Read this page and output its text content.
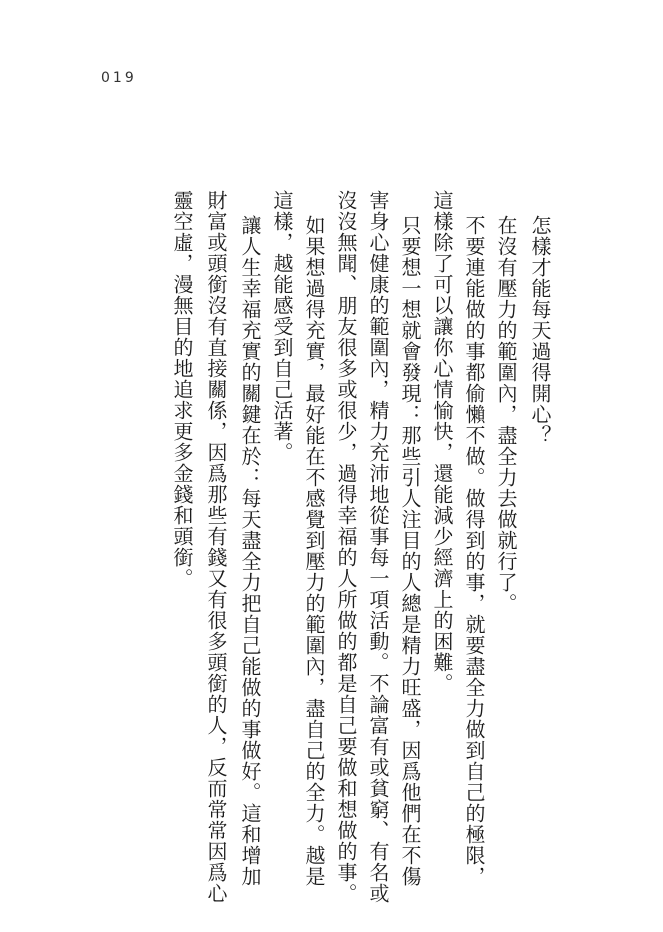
019
怎樣才能每天過得開心？
在沒有壓力的範圍內，盡全力去做就行了。
不要連能做的事都偷懶不做。做得到的事，就要盡全力做到自己的極限，
這樣除了可以讓你心情愉快，還能減少經濟上的困難。
只要想一想就會發現：那些引人注目的人總是精力旺盛，因爲他們在不傷
害身心健康的範圍內，精力充沛地從事每一項活動。不論富有或貧窮、有名或
沒沒無聞、朋友很多或很少，過得幸福的人所做的都是自己要做和想做的事。
如果想過得充實，最好能在不感覺到壓力的範圍內，盡自己的全力。越是
這樣，越能感受到自己活著。
讓人生幸福充實的關鍵在於：每天盡全力把自己能做的事做好。這和增加
財富或頭銜沒有直接關係，因爲那些有錢又有很多頭銜的人，反而常常因爲心
靈空虛，漫無目的地追求更多金錢和頭銜。
